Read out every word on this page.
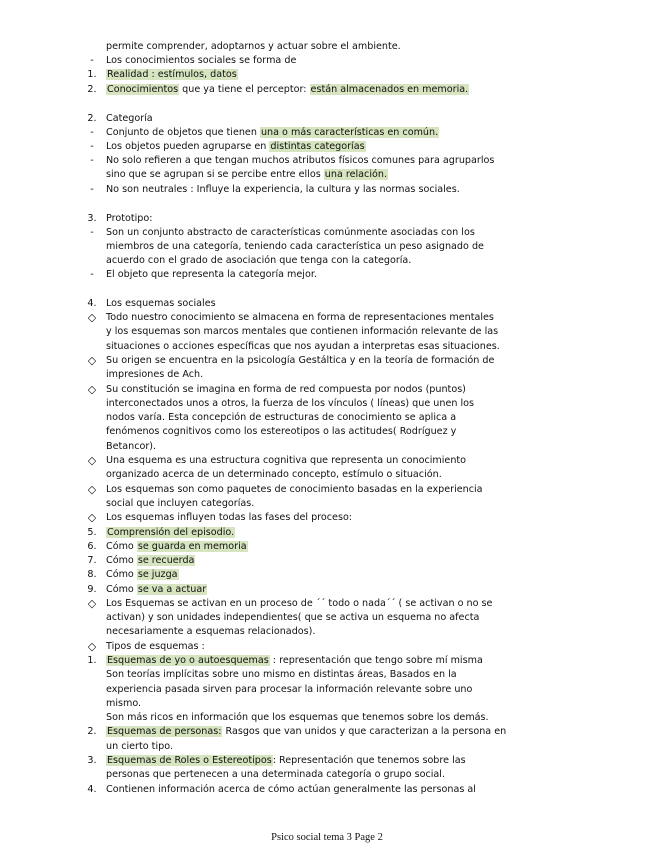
permite comprender, adoptarnos y actuar sobre el ambiente.
-	Los conocimientos sociales se forma de
1.	Realidad : estímulos, datos
2.	Conocimientos que ya tiene el perceptor: están almacenados en memoria.
2. Categoría
-	Conjunto de objetos que tienen una o más características en común.
-	Los objetos pueden agruparse en distintas categorías
-	No solo refieren a que tengan muchos atributos físicos comunes para agruparlos
sino que se agrupan si se percibe entre ellos una relación.
-	No son neutrales : Influye la experiencia, la cultura y las normas sociales.
3. Prototipo:
-	Son un conjunto abstracto de características comúnmente asociadas con los
miembros de una categoría, teniendo cada característica un peso asignado de
acuerdo con el grado de asociación que tenga con la categoría.
-	El objeto que representa la categoría mejor.
4. Los esquemas sociales
◇	Todo nuestro conocimiento se almacena en forma de representaciones mentales
y los esquemas son marcos mentales que contienen información relevante de las
situaciones o acciones específicas que nos ayudan a interpretas esas situaciones.
◇	Su origen se encuentra en la psicología Gestáltica y en la teoría de formación de
impresiones de Ach.
◇	Su constitución se imagina en forma de red compuesta por nodos (puntos)
interconectados unos a otros, la fuerza de los vínculos ( líneas) que unen los
nodos varía. Esta concepción de estructuras de conocimiento se aplica a
fenómenos cognitivos como los estereotipos o las actitudes( Rodríguez y
Betancor).
◇	Una esquema es una estructura cognitiva que representa un conocimiento
organizado acerca de un determinado concepto, estímulo o situación.
◇	Los esquemas son como paquetes de conocimiento basadas en la experiencia
social que incluyen categorías.
◇	Los esquemas influyen todas las fases del proceso:
5.	Comprensión del episodio.
6. Cómo se guarda en memoria
7. Cómo se recuerda
8. Cómo se juzga
9. Cómo se va a actuar
◇	Los Esquemas se activan en un proceso de ´´ todo o nada´´ ( se activan o no se
activan) y son unidades independientes( que se activa un esquema no afecta
necesariamente a esquemas relacionados).
◇	Tipos de esquemas :
1.	Esquemas de yo o autoesquemas : representación que tengo sobre mí misma
Son teorías implícitas sobre uno mismo en distintas áreas, Basados en la
experiencia pasada sirven para procesar la información relevante sobre uno
mismo.
Son más ricos en información que los esquemas que tenemos sobre los demás.
2.	Esquemas de personas: Rasgos que van unidos y que caracterizan a la persona en
un cierto tipo.
3.	Esquemas de Roles o Estereotipos: Representación que tenemos sobre las
personas que pertenecen a una determinada categoría o grupo social.
4. Contienen información acerca de cómo actúan generalmente las personas al
Psico social tema 3 Page 2
